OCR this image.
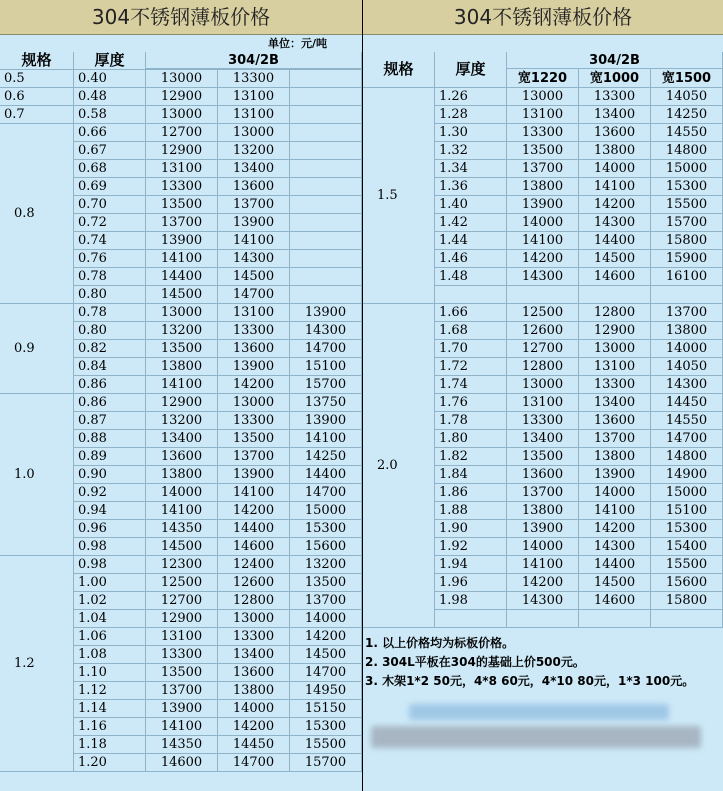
304不锈钢薄板价格
单位：元/吨
规格	厚度	304/2B
0.5	0.40	13000	13300
0.6	0.48	12900	13100
0.7	0.58	13000	13100
0.8
0.66	12700	13000
0.67	12900	13200
0.68	13100	13400
0.69	13300	13600
0.70	13500	13700
0.72	13700	13900
0.74	13900	14100
0.76	14100	14300
0.78	14400	14500
0.80	14500	14700
0.9
0.78	13000	13100	13900
0.80	13200	13300	14300
0.82	13500	13600	14700
0.84	13800	13900	15100
0.86	14100	14200	15700
1.0
0.86	12900	13000	13750
0.87	13200	13300	13900
0.88	13400	13500	14100
0.89	13600	13700	14250
0.90	13800	13900	14400
0.92	14000	14100	14700
0.94	14100	14200	15000
0.96	14350	14400	15300
0.98	14500	14600	15600
1.2
0.98	12300	12400	13200
1.00	12500	12600	13500
1.02	12700	12800	13700
1.04	12900	13000	14000
1.06	13100	13300	14200
1.08	13300	13400	14500
1.10	13500	13600	14700
1.12	13700	13800	14950
1.14	13900	14000	15150
1.16	14100	14200	15300
1.18	14350	14450	15500
1.20	14600	14700	15700
304不锈钢薄板价格
规格	厚度	304/2B
宽1220	宽1000	宽1500
1.5
1.26	13000	13300	14050
1.28	13100	13400	14250
1.30	13300	13600	14550
1.32	13500	13800	14800
1.34	13700	14000	15000
1.36	13800	14100	15300
1.40	13900	14200	15500
1.42	14000	14300	15700
1.44	14100	14400	15800
1.46	14200	14500	15900
1.48	14300	14600	16100
2.0
1.66	12500	12800	13700
1.68	12600	12900	13800
1.70	12700	13000	14000
1.72	12800	13100	14050
1.74	13000	13300	14300
1.76	13100	13400	14450
1.78	13300	13600	14550
1.80	13400	13700	14700
1.82	13500	13800	14800
1.84	13600	13900	14900
1.86	13700	14000	15000
1.88	13800	14100	15100
1.90	13900	14200	15300
1.92	14000	14300	15400
1.94	14100	14400	15500
1.96	14200	14500	15600
1.98	14300	14600	15800
1. 以上价格均为标板价格。
2. 304L平板在304的基础上价500元。
3. 木架1*2 50元，4*8 60元，4*10 80元，1*3 100元。
